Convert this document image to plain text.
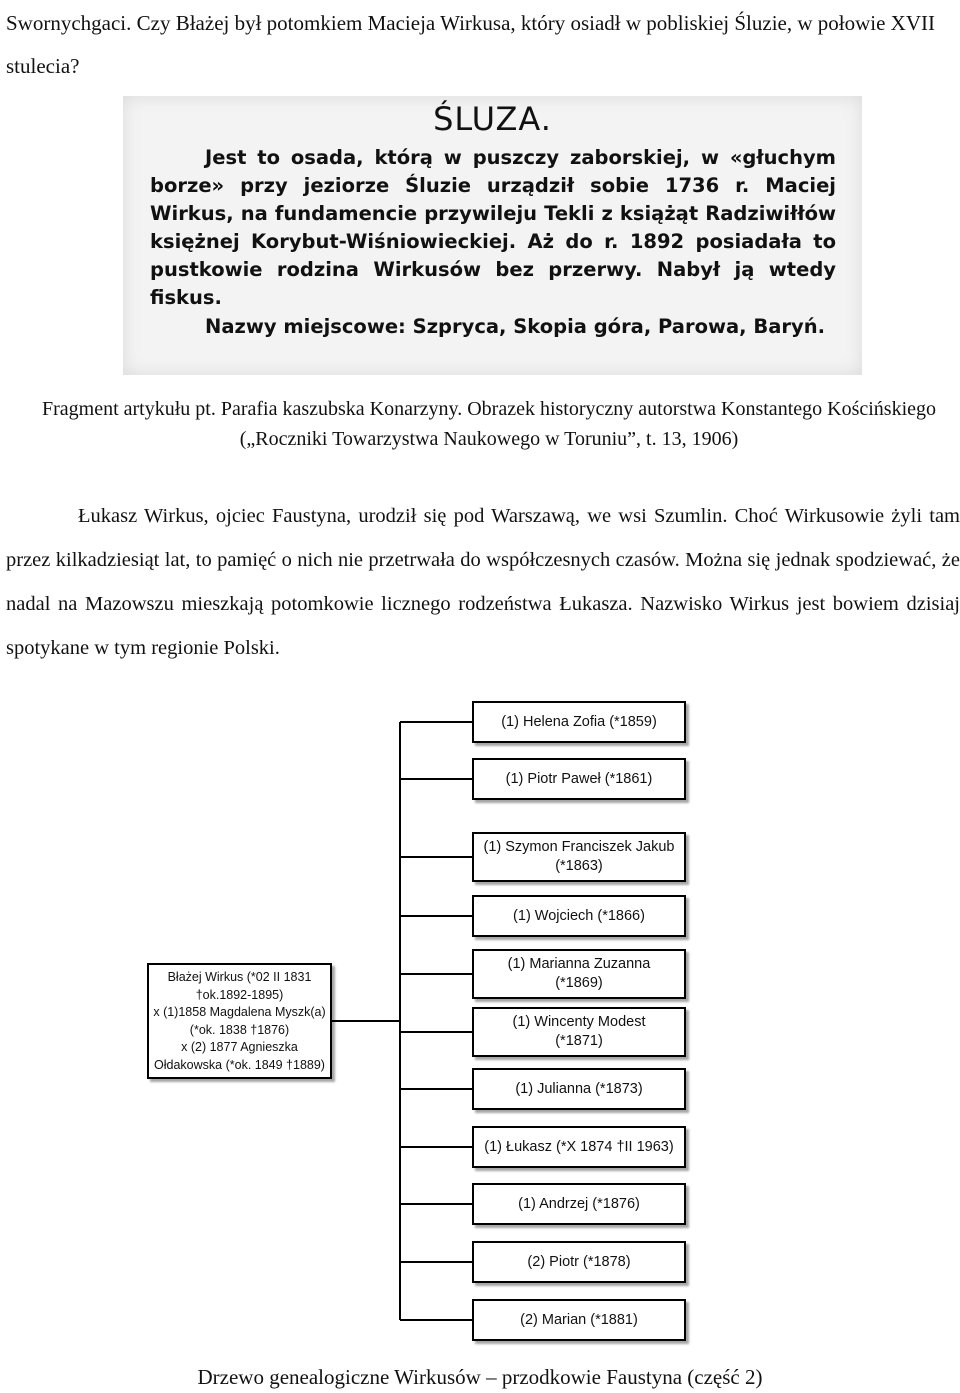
Swornychgaci. Czy Błażej był potomkiem Macieja Wirkusa, który osiadł w pobliskiej Śluzie, w połowie XVII stulecia?

ŚLUZA.

Jest to osada, którą w puszczy zaborskiej, w «głuchym borze» przy jeziorze Śluzie urządził sobie 1736 r. Maciej Wirkus, na fundamencie przywileju Tekli z książąt Radziwiłłów księżnej Korybut-Wiśniowieckiej. Aż do r. 1892 posiadała to pustkowie rodzina Wirkusów bez przerwy. Nabył ją wtedy fiskus.

Nazwy miejscowe: Szpryca, Skopia góra, Parowa, Baryń.

Fragment artykułu pt. Parafia kaszubska Konarzyny. Obrazek historyczny autorstwa Konstantego Kościńskiego („Roczniki Towarzystwa Naukowego w Toruniu”, t. 13, 1906)

Łukasz Wirkus, ojciec Faustyna, urodził się pod Warszawą, we wsi Szumlin. Choć Wirkusowie żyli tam przez kilkadziesiąt lat, to pamięć o nich nie przetrwała do współczesnych czasów. Można się jednak spodziewać, że nadal na Mazowszu mieszkają potomkowie licznego rodzeństwa Łukasza. Nazwisko Wirkus jest bowiem dzisiaj spotykane w tym regionie Polski.

Błażej Wirkus (*02 II 1831
†ok.1892-1895)
x (1)1858 Magdalena Myszk(a)
(*ok. 1838 †1876)
x (2) 1877 Agnieszka
Ołdakowska (*ok. 1849 †1889)
(1) Helena Zofia (*1859)
(1) Piotr Paweł (*1861)
(1) Szymon Franciszek Jakub
(*1863)
(1) Wojciech (*1866)
(1) Marianna Zuzanna
(*1869)
(1) Wincenty Modest
(*1871)
(1) Julianna (*1873)
(1) Łukasz (*X 1874 †II 1963)
(1) Andrzej (*1876)
(2) Piotr (*1878)
(2) Marian (*1881)

Drzewo genealogiczne Wirkusów – przodkowie Faustyna (część 2)
